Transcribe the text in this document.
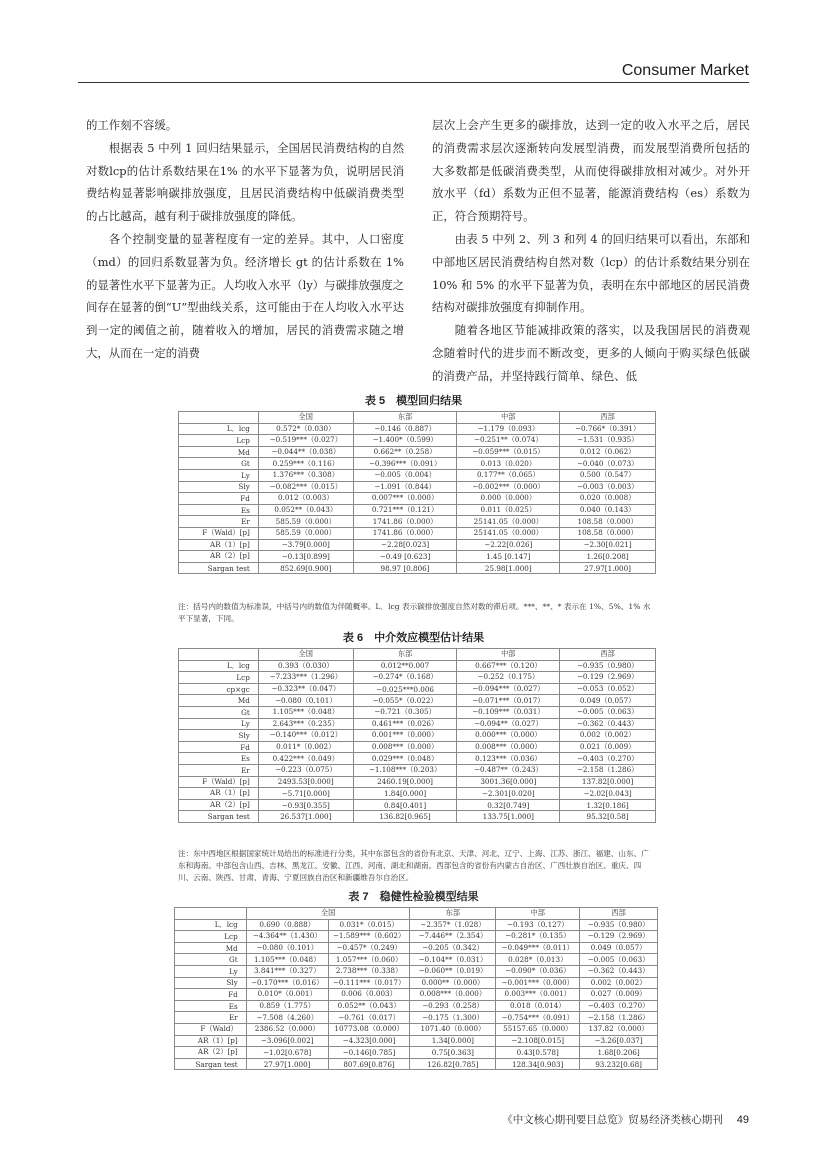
Consumer Market

的工作刻不容缓。

根据表 5 中列 1 回归结果显示，全国居民消费结构的自然对数lcp的估计系数结果在1% 的水平下显著为负，说明居民消费结构显著影响碳排放强度，且居民消费结构中低碳消费类型的占比越高，越有利于碳排放强度的降低。

各个控制变量的显著程度有一定的差异。其中，人口密度（md）的回归系数显著为负。经济增长 gt 的估计系数在 1% 的显著性水平下显著为正。人均收入水平（ly）与碳排放强度之间存在显著的倒“U”型曲线关系，这可能由于在人均收入水平达到一定的阈值之前，随着收入的增加，居民的消费需求随之增大，从而在一定的消费

层次上会产生更多的碳排放，达到一定的收入水平之后，居民的消费需求层次逐渐转向发展型消费，而发展型消费所包括的大多数都是低碳消费类型，从而使得碳排放相对减少。对外开放水平（fd）系数为正但不显著，能源消费结构（es）系数为正，符合预期符号。

由表 5 中列 2、列 3 和列 4 的回归结果可以看出，东部和中部地区居民消费结构自然对数（lcp）的估计系数结果分别在 10% 和 5% 的水平下显著为负，表明在东中部地区的居民消费结构对碳排放强度有抑制作用。

随着各地区节能减排政策的落实，以及我国居民的消费观念随着时代的进步而不断改变，更多的人倾向于购买绿色低碳的消费产品，并坚持践行简单、绿色、低

表 5　模型回归结果
	全国	东部	中部	西部
L．lcg	0.572*（0.030）	−0.146（0.887）	−1.179（0.093）	−0.766*（0.391）
Lcp	−0.519***（0.027）	−1.400*（0.599）	−0.251**（0.074）	−1.531（0.935）
Md	−0.044**（0.038）	0.662**（0.258）	−0.059***（0.015）	0.012（0.062）
Gt	0.259***（0.116）	−0.396***（0.091）	0.013（0.020）	−0.040（0.073）
Ly	1.376***（0.308）	−0.005（0.004）	0.177**（0.065）	0.500（0.547）
Sly	−0.082***（0.015）	−1.091（0.844）	−0.002***（0.000）	−0.003（0.003）
Fd	0.012（0.003）	0.007***（0.000）	0.000（0.000）	0.020（0.008）
Es	0.052**（0.043）	0.721***（0.121）	0.011（0.025）	0.040（0.143）
Er	585.59（0.000）	1741.86（0.000）	25141.05（0.000）	108.58（0.000）
F（Wald）[p]	585.59（0.000）	1741.86（0.000）	25141.05（0.000）	108.58（0.000）
AR（1）[p]	−3.79[0.000]	−2.28[0.023]	−2.22[0.026]	−2.30[0.021]
AR（2）[p]	−0.13[0.899]	−0.49 [0.623]	1.45 [0.147]	1.26[0.208]
Sargan test	852.69[0.900]	98.97 [0.806]	25.98[1.000]	27.97[1.000]
注：括号内的数值为标准误，中括号内的数值为伴随概率。L．lcg 表示碳排放强度自然对数的滞后项。***、**、* 表示在 1%、5%、1% 水平下显著，下同。
表 6　中介效应模型估计结果
	全国	东部	中部	西部
L．lcg	0.393（0.030）	0.012**0.007	0.667***（0.120）	−0.935（0.980）
Lcp	−7.233***（1.296）	−0.274*（0.168）	−0.252（0.175）	−0.129（2.969）
cp×gc	−0.323**（0.047）	−0.025***0.006	−0.094***（0.027）	−0.053（0.052）
Md	−0.080（0.101）	−0.055*（0.022）	−0.071***（0.017）	0.049（0.057）
Gt	1.105***（0.048）	−0.721（0.305）	−0.109***（0.031）	−0.005（0.063）
Ly	2.643***（0.235）	0.461***（0.026）	−0.094**（0.027）	−0.362（0.443）
Sly	−0.140***（0.012）	0.001***（0.000）	0.000***（0.000）	0.002（0.002）
Fd	0.011*（0.002）	0.008***（0.000）	0.008***（0.000）	0.021（0.009）
Es	0.422***（0.049）	0.029***（0.048）	0.123***（0.036）	−0.403（0.270）
Er	−0.223（0.075）	−1.108***（0.203）	−0.487**（0.243）	−2.158（1.286）
F（Wald）[p]	2493.53[0.000]	2460.19[0.000]	3001.36[0.000]	137.82[0.000]
AR（1）[p]	−5.71[0.000]	1.84[0.000]	−2.301[0.020]	−2.02[0.043]
AR（2）[p]	−0.93[0.355]	0.84[0.401]	0.32[0.749]	1.32[0.186]
Sargan test	26.537[1.000]	136.82[0.965]	133.75[1.000]	95.32[0.58]
注：东中西地区根据国家统计局给出的标准进行分类，其中东部包含的省份有北京、天津、河北、辽宁、上海、江苏、浙江、福建、山东、广东和海南。中部包含山西、吉林、黑龙江、安徽、江西、河南、湖北和湖南。西部包含的省份有内蒙古自治区、广西壮族自治区、重庆、四川、云南、陕西、甘肃、青海、宁夏回族自治区和新疆维吾尔自治区。
表 7　稳健性检验模型结果
	全国		东部	中部	西部
L．lcg	0.690（0.888）	0.031*（0.015）	−2.357*（1.028）	−0.193（0.127）	−0.935（0.980）
Lcp	−4.364**（1.430）	−1.589***（0.602）	−7.446**（2.354）	−0.281*（0.135）	−0.129（2.969）
Md	−0.080（0.101）	−0.457*（0.249）	−0.205（0.342）	−0.049***（0.011）	0.049（0.057）
Gt	1.105***（0.048）	1.057***（0.060）	−0.104**（0.031）	0.028*（0.013）	−0.005（0.063）
Ly	3.841***（0.327）	2.738***（0.338）	−0.060**（0.019）	−0.090*（0.036）	−0.362（0.443）
Sly	−0.170***（0.016）	−0.111***（0.017）	0.000**（0.000）	−0.001***（0.000）	0.002（0.002）
Fd	0.010*（0.001）	0.006（0.003）	0.008***（0.000）	0.003***（0.001）	0.027（0.009）
Es	0.859（1.775）	0.052**（0.043）	−0.293（0.258）	0.018（0.014）	−0.403（0.270）
Er	−7.508（4.260）	−0.761（0.017）	−0.175（1.300）	−0.754***（0.091）	−2.158（1.286）
F（Wald）	2386.52（0.000）	10773.08（0.000）	1071.40（0.000）	55157.65（0.000）	137.82（0.000）
AR（1）[p]	−3.096[0.002]	−4.323[0.000]	1.34[0.000]	−2.108[0.015]	−3.26[0.037]
AR（2）[p]	−1.02[0.678]	−0.146[0.785]	0.75[0.363]	0.43[0.578]	1.68[0.206]
Sargan test	27.97[1.000]	807.69[0.876]	126.82[0.785]	128.34[0.903]	93.232[0.68]
《中文核心期刊要目总览》贸易经济类核心期刊 49
